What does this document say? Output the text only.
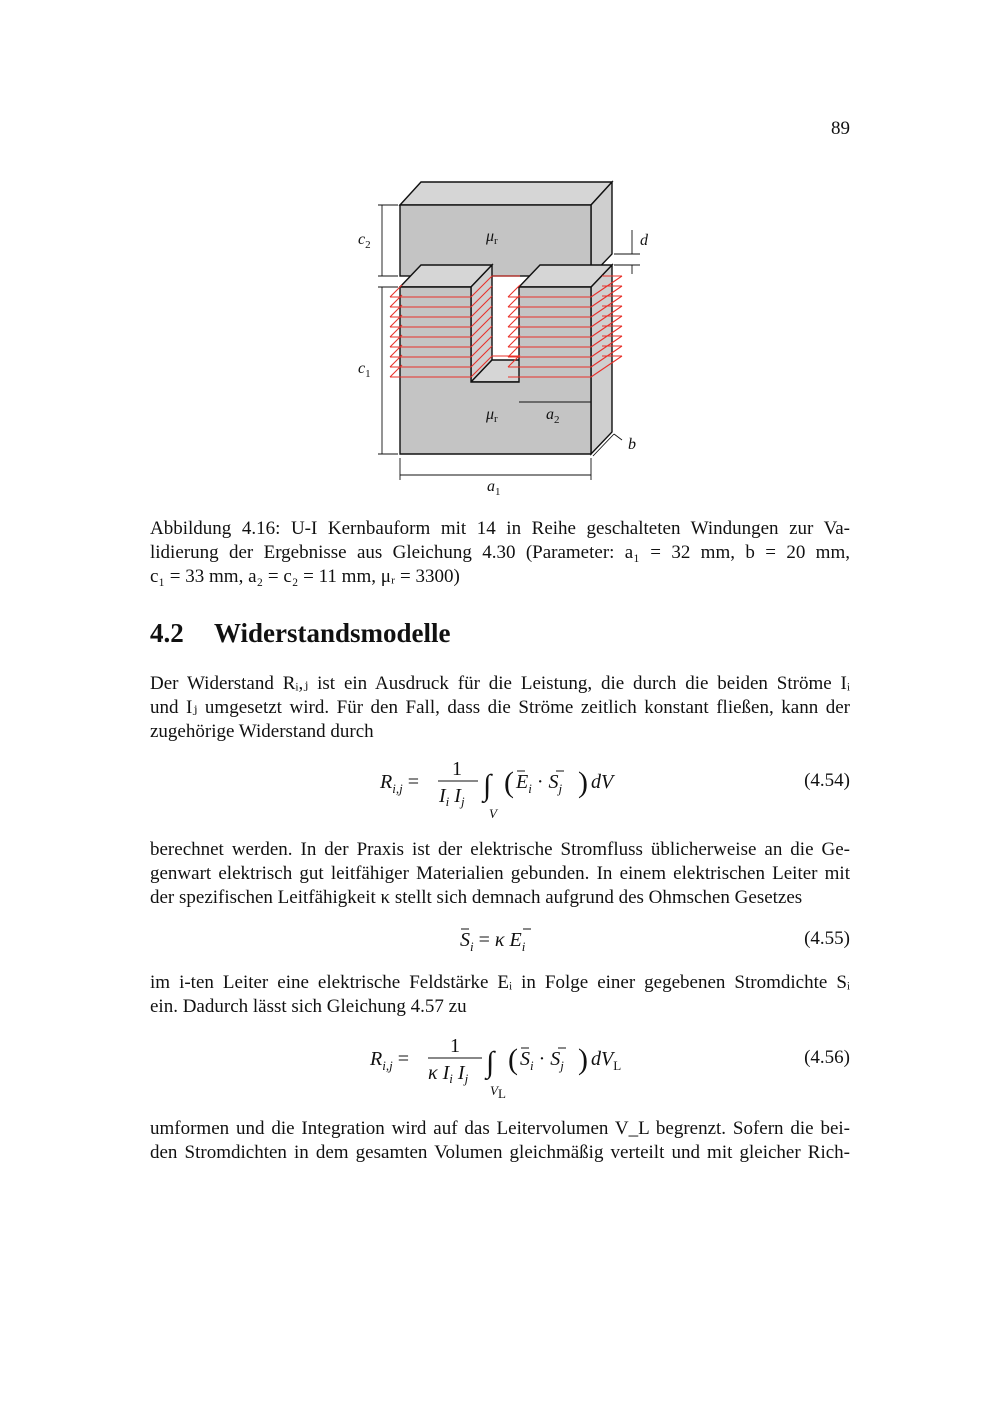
89
$c_2$
$c_1$
μr
μr	$a_2$
$a_1$
d
b
Abbildung 4.16: U-I Kernbauform mit 14 in Reihe geschalteten Windungen zur Va-
lidierung der Ergebnisse aus Gleichung 4.30 (Parameter: a₁ = 32 mm, b = 20 mm,
c₁ = 33 mm, a₂ = c₂ = 11 mm, μᵣ = 3300)
4.2 Widerstandsmodelle
Der Widerstand Rᵢ,ⱼ ist ein Ausdruck für die Leistung, die durch die beiden Ströme Iᵢ
und Iⱼ umgesetzt wird. Für den Fall, dass die Ströme zeitlich konstant fließen, kann der
zugehörige Widerstand durch
$R_{i,j}$ =
1
$I_i$ $I_j$ ∫
V
( $E_i \cdot S_j$ ) dV	(4.54)
berechnet werden. In der Praxis ist der elektrische Stromfluss üblicherweise an die Ge-
genwart elektrisch gut leitfähiger Materialien gebunden. In einem elektrischen Leiter mit
der spezifischen Leitfähigkeit κ stellt sich demnach aufgrund des Ohmschen Gesetzes
$S_i = \kappa$ $E_i$	(4.55)
im i-ten Leiter eine elektrische Feldstärke Eᵢ in Folge einer gegebenen Stromdichte Sᵢ
ein. Dadurch lässt sich Gleichung 4.57 zu
$R_{i,j}$ =
1
κ $I_i$ $I_j$ ∫
VL
( $S_i \cdot S_j$ ) $dV_L$	(4.56)
umformen und die Integration wird auf das Leitervolumen V_L begrenzt. Sofern die bei-
den Stromdichten in dem gesamten Volumen gleichmäßig verteilt und mit gleicher Rich-
